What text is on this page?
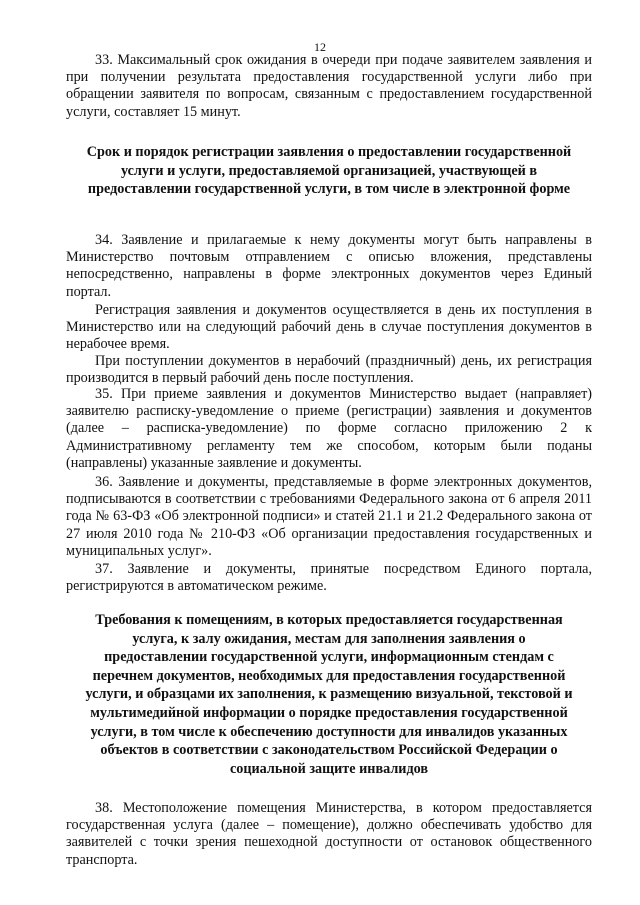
12

33. Максимальный срок ожидания в очереди при подаче заявителем заявления и при получении результата предоставления государственной услуги либо при обращении заявителя по вопросам, связанным с предоставлением государственной услуги, составляет 15 минут.

Срок и порядок регистрации заявления о предоставлении государственной услуги и услуги, предоставляемой организацией, участвующей в предоставлении государственной услуги, в том числе в электронной форме

34. Заявление и прилагаемые к нему документы могут быть направлены в Министерство почтовым отправлением с описью вложения, представлены непосредственно, направлены в форме электронных документов через Единый портал.

Регистрация заявления и документов осуществляется в день их поступления в Министерство или на следующий рабочий день в случае поступления документов в нерабочее время.

При поступлении документов в нерабочий (праздничный) день, их регистрация производится в первый рабочий день после поступления.

35. При приеме заявления и документов Министерство выдает (направляет) заявителю расписку-уведомление о приеме (регистрации) заявления и документов (далее – расписка-уведомление) по форме согласно приложению 2 к Административному регламенту тем же способом, которым были поданы (направлены) указанные заявление и документы.

36. Заявление и документы, представляемые в форме электронных документов, подписываются в соответствии с требованиями Федерального закона от 6 апреля 2011 года № 63-ФЗ «Об электронной подписи» и статей 21.1 и 21.2 Федерального закона от 27 июля 2010 года № 210-ФЗ «Об организации предоставления государственных и муниципальных услуг».

37. Заявление и документы, принятые посредством Единого портала, регистрируются в автоматическом режиме.

Требования к помещениям, в которых предоставляется государственная услуга, к залу ожидания, местам для заполнения заявления о предоставлении государственной услуги, информационным стендам с перечнем документов, необходимых для предоставления государственной услуги, и образцами их заполнения, к размещению визуальной, текстовой и мультимедийной информации о порядке предоставления государственной услуги, в том числе к обеспечению доступности для инвалидов указанных объектов в соответствии с законодательством Российской Федерации о социальной защите инвалидов

38. Местоположение помещения Министерства, в котором предоставляется государственная услуга (далее – помещение), должно обеспечивать удобство для заявителей с точки зрения пешеходной доступности от остановок общественного транспорта.
